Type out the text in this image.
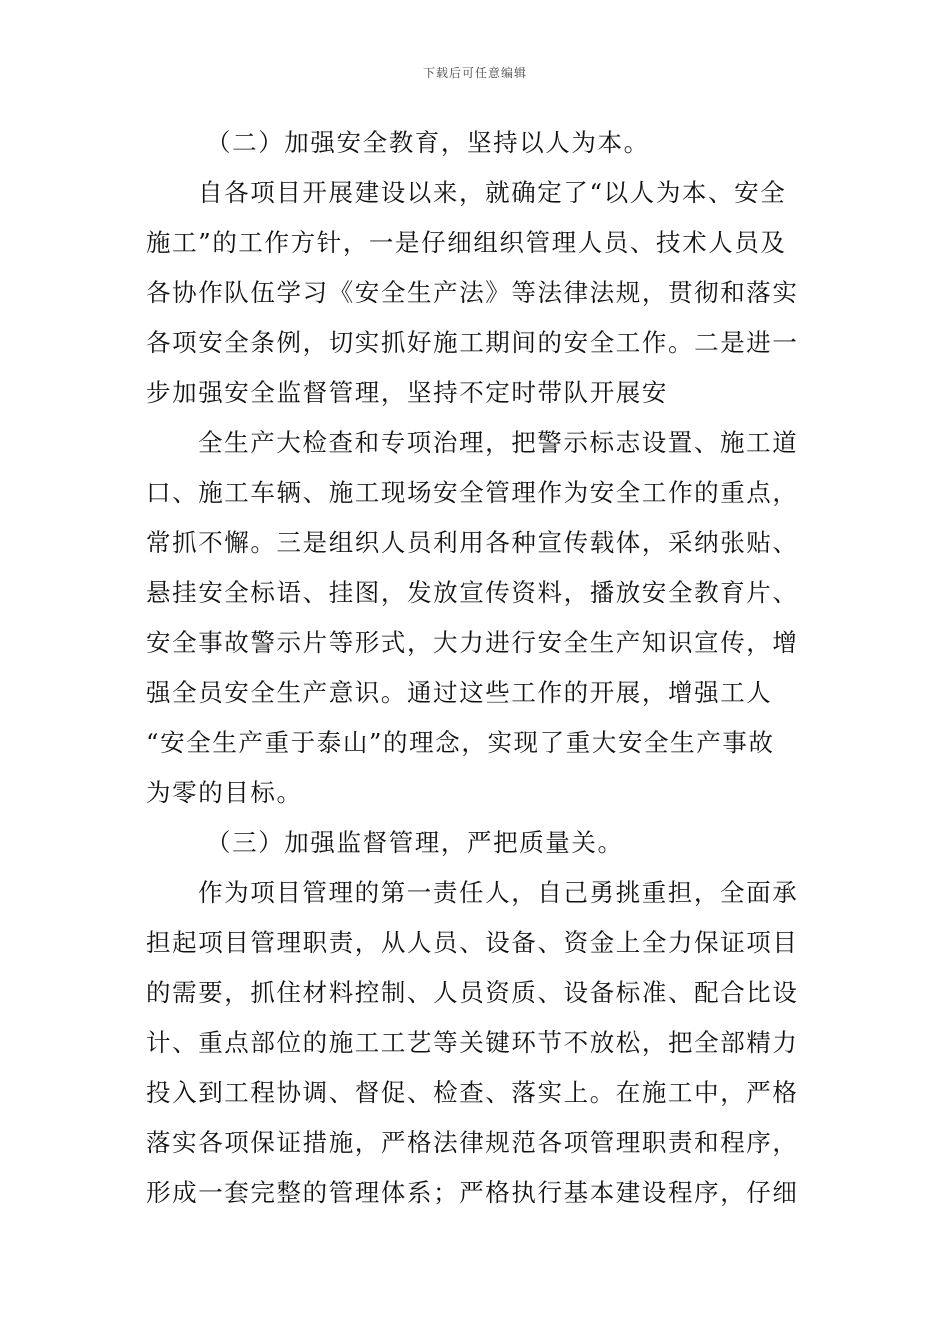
下载后可任意编辑

（二）加强安全教育，坚持以人为本。

自各项目开展建设以来，就确定了“以人为本、安全
施工”的工作方针，一是仔细组织管理人员、技术人员及
各协作队伍学习《安全生产法》等法律法规，贯彻和落实
各项安全条例，切实抓好施工期间的安全工作。二是进一
步加强安全监督管理，坚持不定时带队开展安

全生产大检查和专项治理，把警示标志设置、施工道
口、施工车辆、施工现场安全管理作为安全工作的重点，
常抓不懈。三是组织人员利用各种宣传载体，采纳张贴、
悬挂安全标语、挂图，发放宣传资料，播放安全教育片、
安全事故警示片等形式，大力进行安全生产知识宣传，增
强全员安全生产意识。通过这些工作的开展，增强工人
“安全生产重于泰山”的理念，实现了重大安全生产事故
为零的目标。

（三）加强监督管理，严把质量关。

作为项目管理的第一责任人，自己勇挑重担，全面承
担起项目管理职责，从人员、设备、资金上全力保证项目
的需要，抓住材料控制、人员资质、设备标准、配合比设
计、重点部位的施工工艺等关键环节不放松，把全部精力
投入到工程协调、督促、检查、落实上。在施工中，严格
落实各项保证措施，严格法律规范各项管理职责和程序，
形成一套完整的管理体系；严格执行基本建设程序，仔细
